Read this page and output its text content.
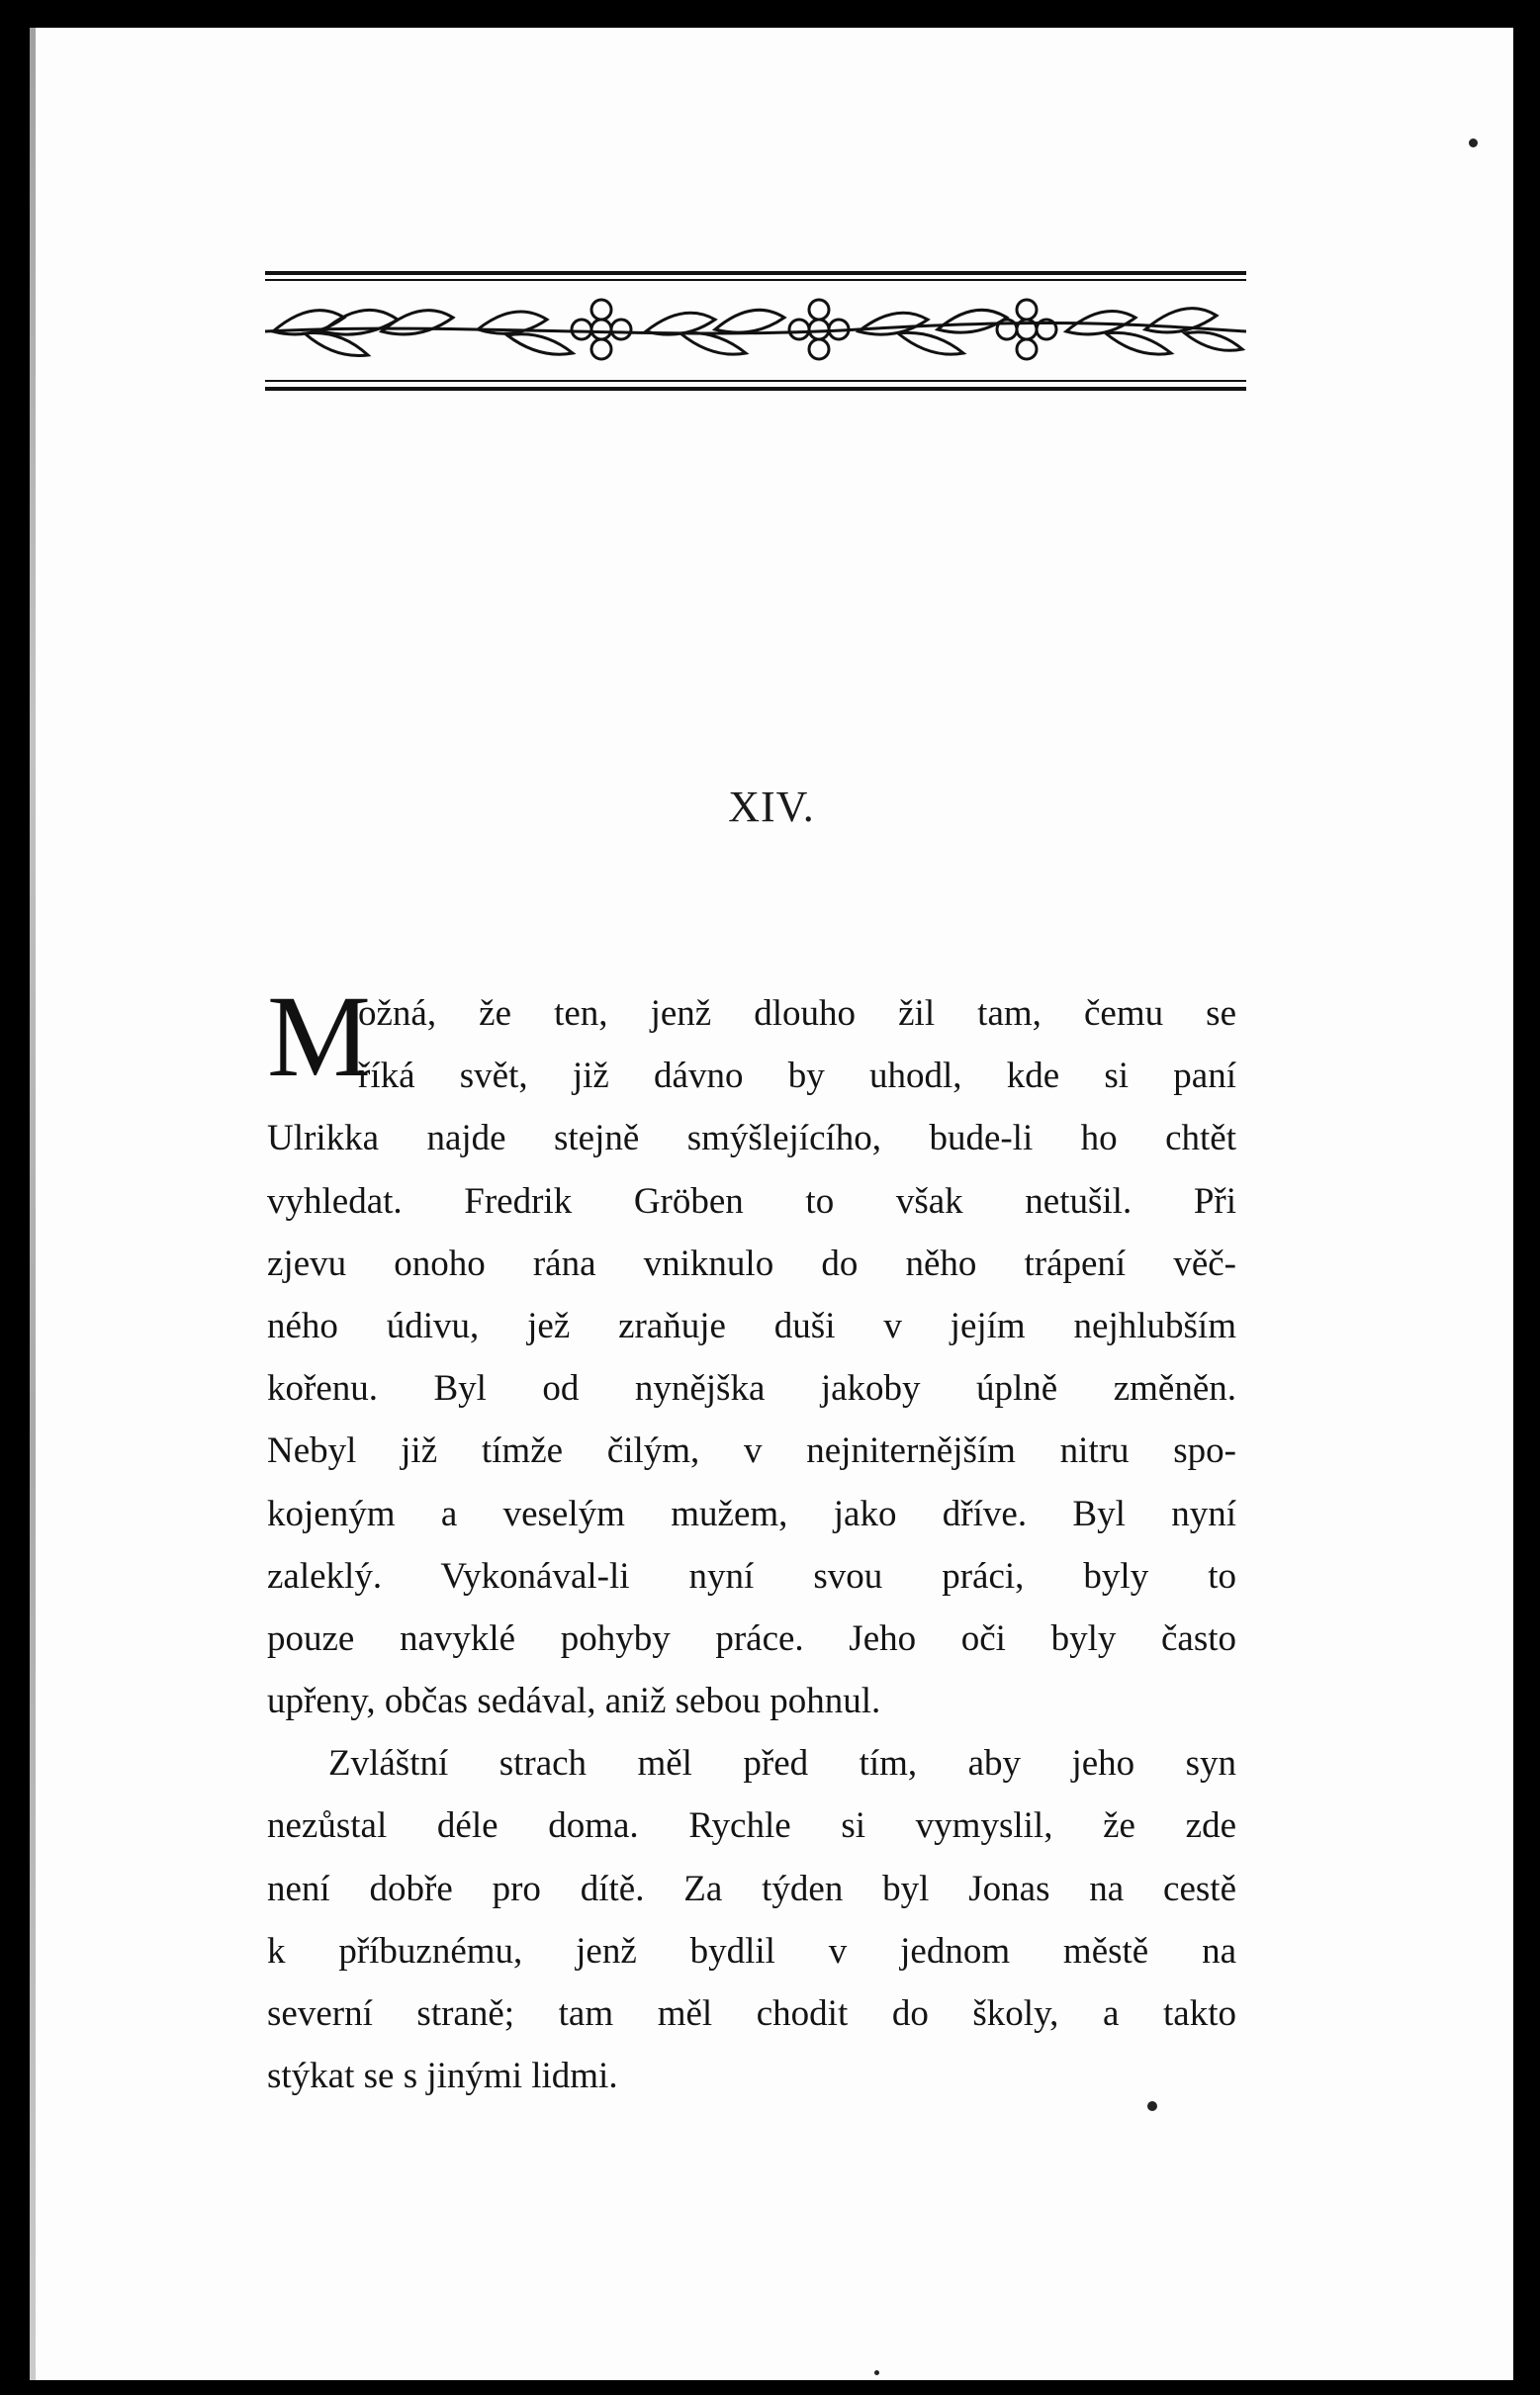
XIV.
M
ožná, že ten, jenž dlouho žil tam, čemu se
říká svět, již dávno by uhodl, kde si paní
Ulrikka najde stejně smýšlejícího, bude-li ho chtět
vyhledat. Fredrik Gröben to však netušil. Při
zjevu onoho rána vniknulo do něho trápení věč-
ného údivu, jež zraňuje duši v jejím nejhlubším
kořenu. Byl od nynějška jakoby úplně změněn.
Nebyl již tímže čilým, v nejniternějším nitru spo-
kojeným a veselým mužem, jako dříve. Byl nyní
zaleklý. Vykonával-li nyní svou práci, byly to
pouze navyklé pohyby práce. Jeho oči byly často
upřeny, občas sedával, aniž sebou pohnul.
Zvláštní strach měl před tím, aby jeho syn
nezůstal déle doma. Rychle si vymyslil, že zde
není dobře pro dítě. Za týden byl Jonas na cestě
k příbuznému, jenž bydlil v jednom městě na
severní straně; tam měl chodit do školy, a takto
stýkat se s jinými lidmi.
